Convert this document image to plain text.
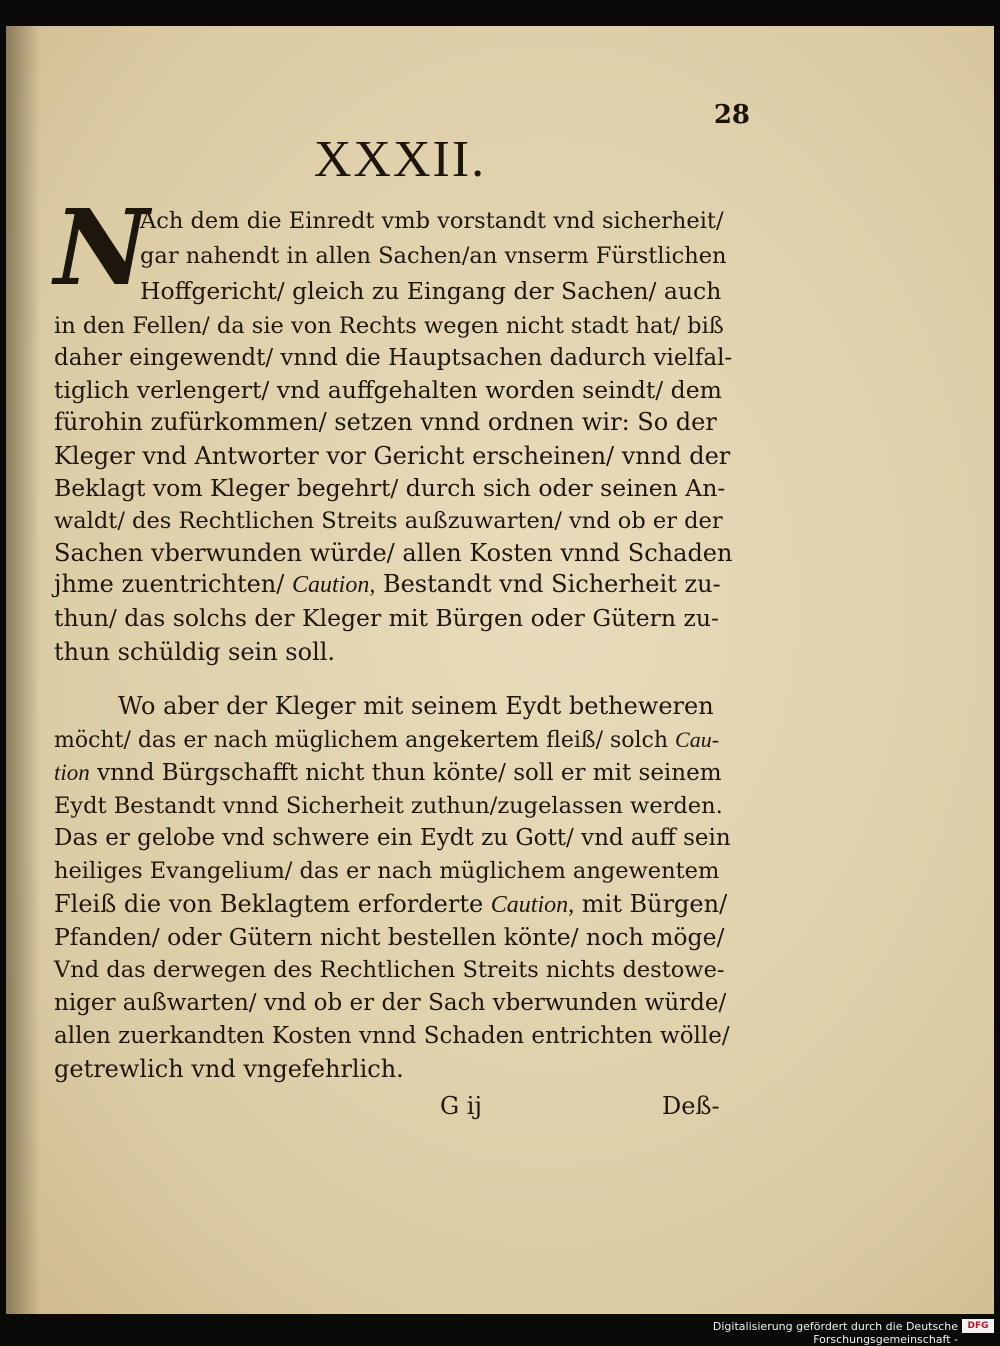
28
XXXII.
N
Ach dem die Einredt vmb vorstandt vnd sicherheit/
gar nahendt in allen Sachen/an vnserm Fürstlichen
Hoffgericht/ gleich zu Eingang der Sachen/ auch
in den Fellen/ da sie von Rechts wegen nicht stadt hat/ biß
daher eingewendt/ vnnd die Hauptsachen dadurch vielfal-
tiglich verlengert/ vnd auffgehalten worden seindt/ dem
fürohin zufürkommen/ setzen vnnd ordnen wir: So der
Kleger vnd Antworter vor Gericht erscheinen/ vnnd der
Beklagt vom Kleger begehrt/ durch sich oder seinen An-
waldt/ des Rechtlichen Streits außzuwarten/ vnd ob er der
Sachen vberwunden würde/ allen Kosten vnnd Schaden
jhme zuentrichten/ Caution, Bestandt vnd Sicherheit zu-
thun/ das solchs der Kleger mit Bürgen oder Gütern zu-
thun schüldig sein soll.
Wo aber der Kleger mit seinem Eydt betheweren
möcht/ das er nach müglichem angekertem fleiß/ solch Cau-
tion vnnd Bürgschafft nicht thun könte/ soll er mit seinem
Eydt Bestandt vnnd Sicherheit zuthun/zugelassen werden.
Das er gelobe vnd schwere ein Eydt zu Gott/ vnd auff sein
heiliges Evangelium/ das er nach müglichem angewentem
Fleiß die von Beklagtem erforderte Caution, mit Bürgen/
Pfanden/ oder Gütern nicht bestellen könte/ noch möge/
Vnd das derwegen des Rechtlichen Streits nichts destowe-
niger außwarten/ vnd ob er der Sach vberwunden würde/
allen zuerkandten Kosten vnnd Schaden entrichten wölle/
getrewlich vnd vngefehrlich.
G ij	Deß-
Digitalisierung gefördert durch die Deutsche Forschungsgemeinschaft -
DFG
